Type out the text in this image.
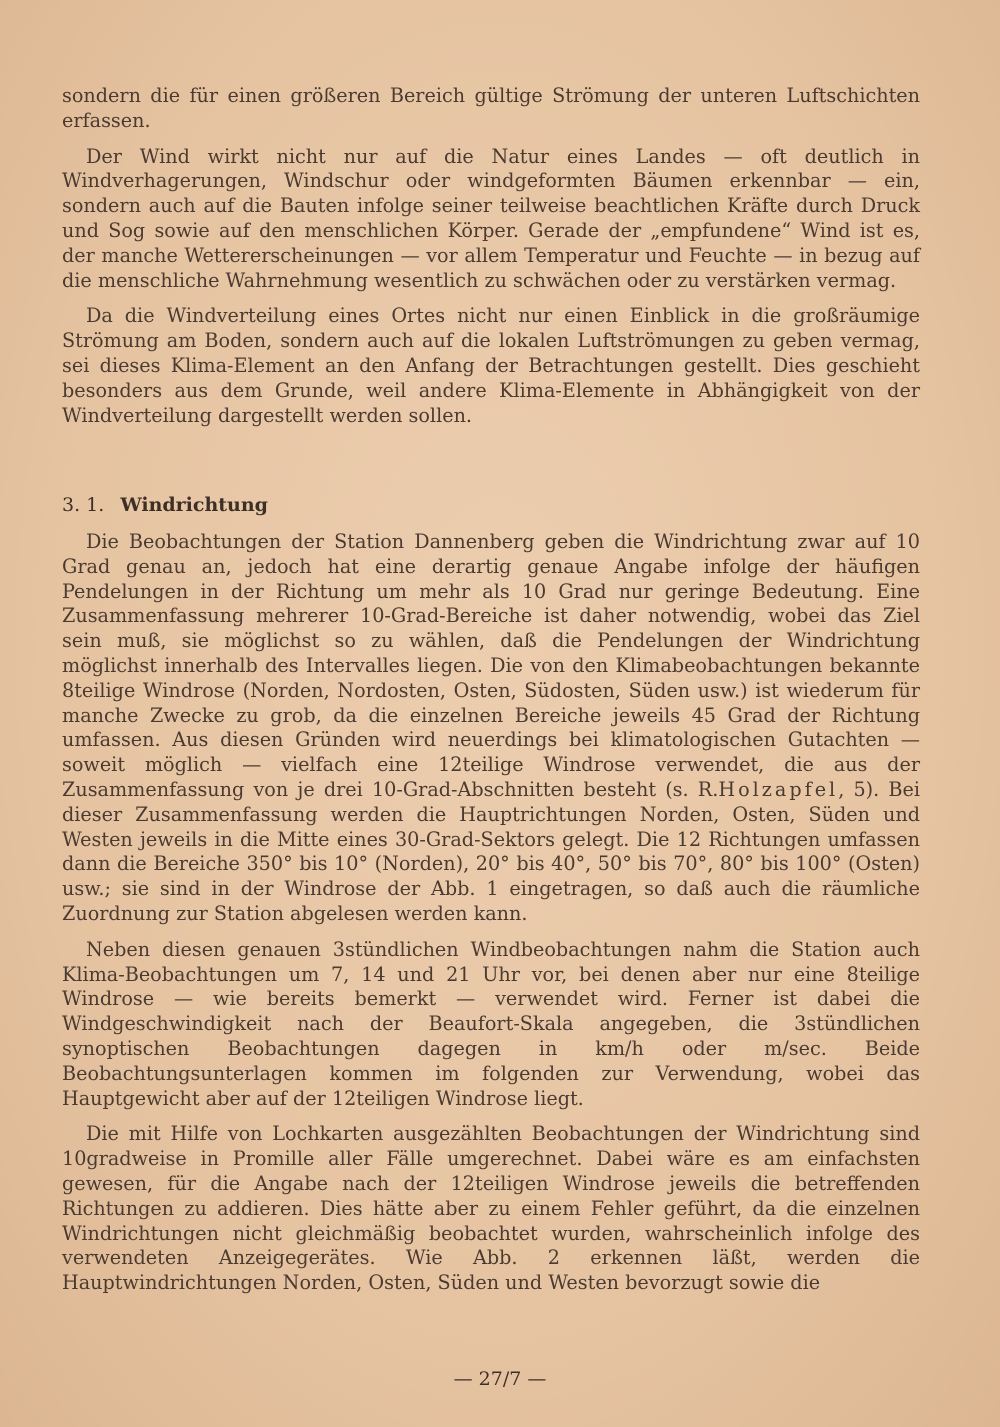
sondern die für einen größeren Bereich gültige Strömung der unteren Luftschichten erfassen.

Der Wind wirkt nicht nur auf die Natur eines Landes — oft deutlich in Windverhagerungen, Windschur oder windgeformten Bäumen erkennbar — ein, sondern auch auf die Bauten infolge seiner teilweise beachtlichen Kräfte durch Druck und Sog sowie auf den menschlichen Körper. Gerade der „empfundene“ Wind ist es, der manche Wettererscheinungen — vor allem Temperatur und Feuchte — in bezug auf die menschliche Wahrnehmung wesentlich zu schwächen oder zu verstärken vermag.

Da die Windverteilung eines Ortes nicht nur einen Einblick in die großräumige Strömung am Boden, sondern auch auf die lokalen Luftströmungen zu geben vermag, sei dieses Klima-Element an den Anfang der Betrachtungen gestellt. Dies geschieht besonders aus dem Grunde, weil andere Klima-Elemente in Abhängigkeit von der Windverteilung dargestellt werden sollen.

3. 1. Windrichtung

Die Beobachtungen der Station Dannenberg geben die Windrichtung zwar auf 10 Grad genau an, jedoch hat eine derartig genaue Angabe infolge der häufigen Pendelungen in der Richtung um mehr als 10 Grad nur geringe Bedeutung. Eine Zusammenfassung mehrerer 10-Grad-Bereiche ist daher notwendig, wobei das Ziel sein muß, sie möglichst so zu wählen, daß die Pendelungen der Windrichtung möglichst innerhalb des Intervalles liegen. Die von den Klimabeobachtungen bekannte 8teilige Windrose (Norden, Nordosten, Osten, Südosten, Süden usw.) ist wiederum für manche Zwecke zu grob, da die einzelnen Bereiche jeweils 45 Grad der Richtung umfassen. Aus diesen Gründen wird neuerdings bei klimatologischen Gutachten — soweit möglich — vielfach eine 12teilige Windrose verwendet, die aus der Zusammenfassung von je drei 10-Grad-Abschnitten besteht (s. R.Holzapfel, 5). Bei dieser Zusammenfassung werden die Hauptrichtungen Norden, Osten, Süden und Westen jeweils in die Mitte eines 30-Grad-Sektors gelegt. Die 12 Richtungen umfassen dann die Bereiche 350° bis 10° (Norden), 20° bis 40°, 50° bis 70°, 80° bis 100° (Osten) usw.; sie sind in der Windrose der Abb. 1 eingetragen, so daß auch die räumliche Zuordnung zur Station abgelesen werden kann.

Neben diesen genauen 3stündlichen Windbeobachtungen nahm die Station auch Klima-Beobachtungen um 7, 14 und 21 Uhr vor, bei denen aber nur eine 8teilige Windrose — wie bereits bemerkt — verwendet wird. Ferner ist dabei die Windgeschwindigkeit nach der Beaufort-Skala angegeben, die 3stündlichen synoptischen Beobachtungen dagegen in km/h oder m/sec. Beide Beobachtungsunterlagen kommen im folgenden zur Verwendung, wobei das Hauptgewicht aber auf der 12teiligen Windrose liegt.

Die mit Hilfe von Lochkarten ausgezählten Beobachtungen der Windrichtung sind 10gradweise in Promille aller Fälle umgerechnet. Dabei wäre es am einfachsten gewesen, für die Angabe nach der 12teiligen Windrose jeweils die betreffenden Richtungen zu addieren. Dies hätte aber zu einem Fehler geführt, da die einzelnen Windrichtungen nicht gleichmäßig beobachtet wurden, wahrscheinlich infolge des verwendeten Anzeigegerätes. Wie Abb. 2 erkennen läßt, werden die Hauptwindrichtungen Norden, Osten, Süden und Westen bevorzugt sowie die

— 27/7 —
